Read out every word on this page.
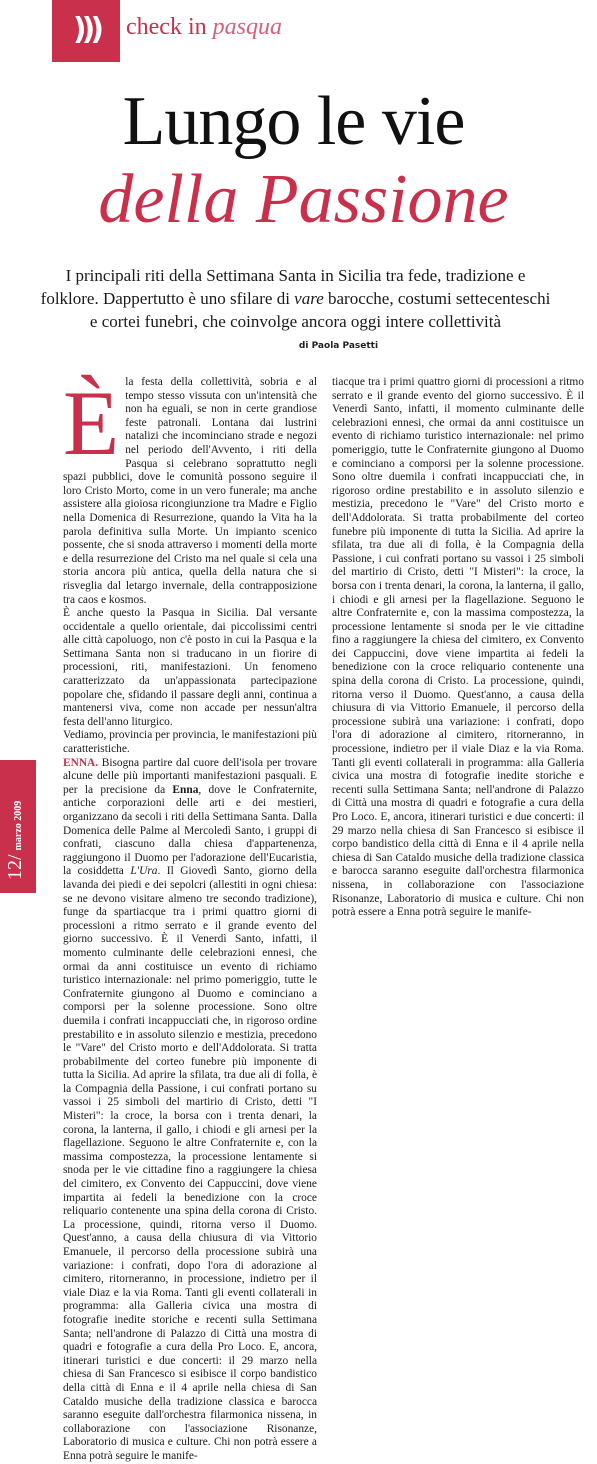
)))	check in pasqua
Lungo le vie
della Passione
I principali riti della Settimana Santa in Sicilia tra fede, tradizione e folklore. Dappertutto è uno sfilare di vare barocche, costumi settecenteschi e cortei funebri, che coinvolge ancora oggi intere collettività
di Paola Pasetti
È la festa della collettività, sobria e al tempo stesso vissuta con un'intensità che non ha eguali, se non in certe grandiose feste patronali. Lontana dai lustrini natalizi che incominciano strade e negozi nel periodo dell'Avvento, i riti della Pasqua si celebrano soprattutto negli spazi pubblici, dove le comunità possono seguire il loro Cristo Morto, come in un vero funerale; ma anche assistere alla gioiosa ricongiunzione tra Madre e Figlio nella Domenica di Resurrezione, quando la Vita ha la parola definitiva sulla Morte. Un impianto scenico possente, che si snoda attraverso i momenti della morte e della resurrezione del Cristo ma nel quale si cela una storia ancora più antica, quella della natura che si risveglia dal letargo invernale, della contrapposizione tra caos e kosmos.

È anche questo la Pasqua in Sicilia. Dal versante occidentale a quello orientale, dai piccolissimi centri alle città capoluogo, non c'è posto in cui la Pasqua e la Settimana Santa non si traducano in un fiorire di processioni, riti, manifestazioni. Un fenomeno caratterizzato da un'appassionata partecipazione popolare che, sfidando il passare degli anni, continua a mantenersi viva, come non accade per nessun'altra festa dell'anno liturgico.

Vediamo, provincia per provincia, le manifestazioni più caratteristiche.

ENNA. Bisogna partire dal cuore dell'isola per trovare alcune delle più importanti manifestazioni pasquali. E per la precisione da Enna, dove le Confraternite, antiche corporazioni delle arti e dei mestieri, organizzano da secoli i riti della Settimana Santa. Dalla Domenica delle Palme al Mercoledì Santo, i gruppi di confrati, ciascuno dalla chiesa d'appartenenza, raggiungono il Duomo per l'adorazione dell'Eucaristia, la cosiddetta L'Ura. Il Giovedì Santo, giorno della lavanda dei piedi e dei sepolcri (allestiti in ogni chiesa: se ne devono visitare almeno tre secondo tradizione), funge da spartiacque tra i primi quattro giorni di processioni a ritmo serrato e il grande evento del giorno successivo. È il Venerdì Santo, infatti, il momento culminante delle celebrazioni ennesi, che ormai da anni costituisce un evento di richiamo turistico internazionale: nel primo pomeriggio, tutte le Confraternite giungono al Duomo e cominciano a comporsi per la solenne processione. Sono oltre duemila i confrati incappucciati che, in rigoroso ordine prestabilito e in assoluto silenzio e mestizia, precedono le "Vare" del Cristo morto e dell'Addolorata. Si tratta probabilmente del corteo funebre più imponente di tutta la Sicilia. Ad aprire la sfilata, tra due ali di folla, è la Compagnia della Passione, i cui confrati portano su vassoi i 25 simboli del martirio di Cristo, detti "I Misteri": la croce, la borsa con i trenta denari, la corona, la lanterna, il gallo, i chiodi e gli arnesi per la flagellazione. Seguono le altre Confraternite e, con la massima compostezza, la processione lentamente si snoda per le vie cittadine fino a raggiungere la chiesa del cimitero, ex Convento dei Cappuccini, dove viene impartita ai fedeli la benedizione con la croce reliquario contenente una spina della corona di Cristo. La processione, quindi, ritorna verso il Duomo. Quest'anno, a causa della chiusura di via Vittorio Emanuele, il percorso della processione subirà una variazione: i confrati, dopo l'ora di adorazione al cimitero, ritorneranno, in processione, indietro per il viale Diaz e la via Roma. Tanti gli eventi collaterali in programma: alla Galleria civica una mostra di fotografie inedite storiche e recenti sulla Settimana Santa; nell'androne di Palazzo di Città una mostra di quadri e fotografie a cura della Pro Loco. E, ancora, itinerari turistici e due concerti: il 29 marzo nella chiesa di San Francesco si esibisce il corpo bandistico della città di Enna e il 4 aprile nella chiesa di San Cataldo musiche della tradizione classica e barocca saranno eseguite dall'orchestra filarmonica nissena, in collaborazione con l'associazione Risonanze, Laboratorio di musica e culture. Chi non potrà essere a Enna potrà seguire le manife-

tiacque tra i primi quattro giorni di processioni a ritmo serrato e il grande evento del giorno successivo. È il Venerdì Santo, infatti, il momento culminante delle celebrazioni ennesi, che ormai da anni costituisce un evento di richiamo turistico internazionale: nel primo pomeriggio, tutte le Confraternite giungono al Duomo e cominciano a comporsi per la solenne processione. Sono oltre duemila i confrati incappucciati che, in rigoroso ordine prestabilito e in assoluto silenzio e mestizia, precedono le "Vare" del Cristo morto e dell'Addolorata. Si tratta probabilmente del corteo funebre più imponente di tutta la Sicilia. Ad aprire la sfilata, tra due ali di folla, è la Compagnia della Passione, i cui confrati portano su vassoi i 25 simboli del martirio di Cristo, detti "I Misteri": la croce, la borsa con i trenta denari, la corona, la lanterna, il gallo, i chiodi e gli arnesi per la flagellazione. Seguono le altre Confraternite e, con la massima compostezza, la processione lentamente si snoda per le vie cittadine fino a raggiungere la chiesa del cimitero, ex Convento dei Cappuccini, dove viene impartita ai fedeli la benedizione con la croce reliquario contenente una spina della corona di Cristo. La processione, quindi, ritorna verso il Duomo. Quest'anno, a causa della chiusura di via Vittorio Emanuele, il percorso della processione subirà una variazione: i confrati, dopo l'ora di adorazione al cimitero, ritorneranno, in processione, indietro per il viale Diaz e la via Roma. Tanti gli eventi collaterali in programma: alla Galleria civica una mostra di fotografie inedite storiche e recenti sulla Settimana Santa; nell'androne di Palazzo di Città una mostra di quadri e fotografie a cura della Pro Loco. E, ancora, itinerari turistici e due concerti: il 29 marzo nella chiesa di San Francesco si esibisce il corpo bandistico della città di Enna e il 4 aprile nella chiesa di San Cataldo musiche della tradizione classica e barocca saranno eseguite dall'orchestra filarmonica nissena, in collaborazione con l'associazione Risonanze, Laboratorio di musica e culture. Chi non potrà essere a Enna potrà seguire le manife-

12/marzo 2009
